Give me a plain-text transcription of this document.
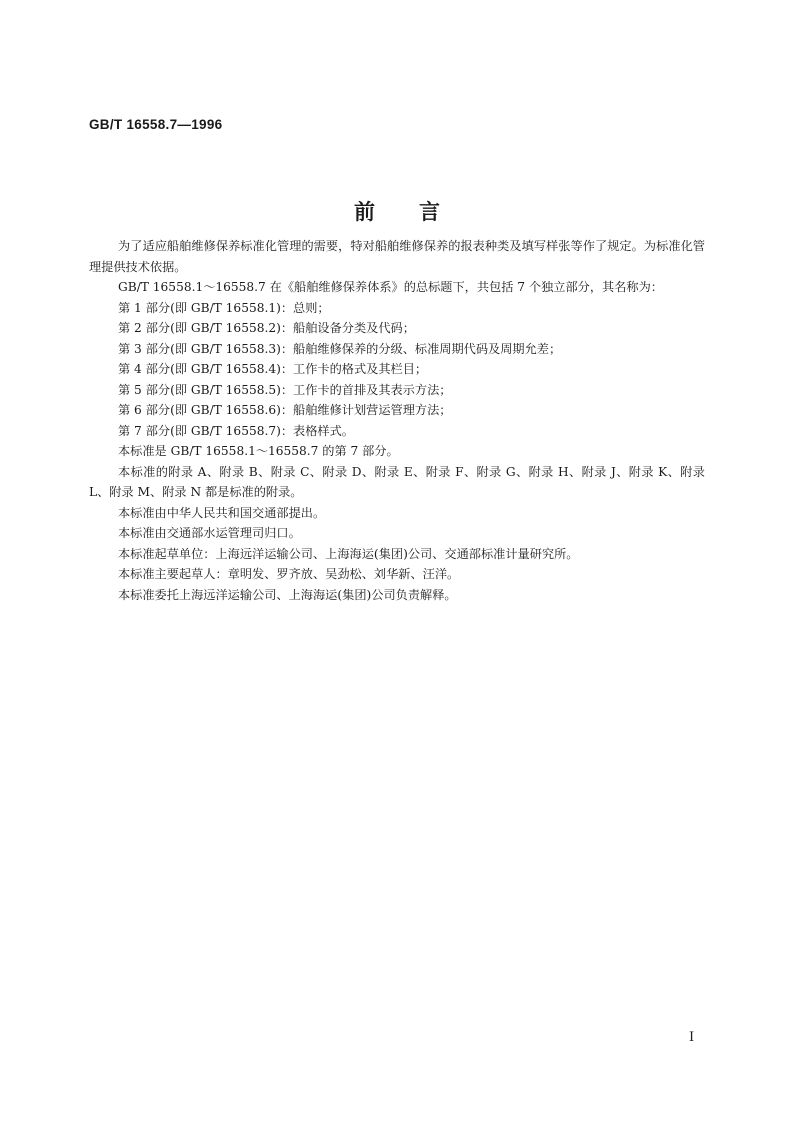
GB/T 16558.7—1996
前言

为了适应船舶维修保养标准化管理的需要，特对船舶维修保养的报表种类及填写样张等作了规定。为标准化管理提供技术依据。

GB/T 16558.1～16558.7 在《船舶维修保养体系》的总标题下，共包括 7 个独立部分，其名称为：

第 1 部分(即 GB/T 16558.1)：总则；

第 2 部分(即 GB/T 16558.2)：船舶设备分类及代码；

第 3 部分(即 GB/T 16558.3)：船舶维修保养的分级、标准周期代码及周期允差；

第 4 部分(即 GB/T 16558.4)：工作卡的格式及其栏目；

第 5 部分(即 GB/T 16558.5)：工作卡的首排及其表示方法；

第 6 部分(即 GB/T 16558.6)：船舶维修计划营运管理方法；

第 7 部分(即 GB/T 16558.7)：表格样式。

本标准是 GB/T 16558.1～16558.7 的第 7 部分。

本标准的附录 A、附录 B、附录 C、附录 D、附录 E、附录 F、附录 G、附录 H、附录 J、附录 K、附录 L、附录 M、附录 N 都是标准的附录。

本标准由中华人民共和国交通部提出。

本标准由交通部水运管理司归口。

本标准起草单位：上海远洋运输公司、上海海运(集团)公司、交通部标准计量研究所。

本标准主要起草人：章明发、罗齐放、吴劲松、刘华新、汪洋。

本标准委托上海远洋运输公司、上海海运(集团)公司负责解释。

I
